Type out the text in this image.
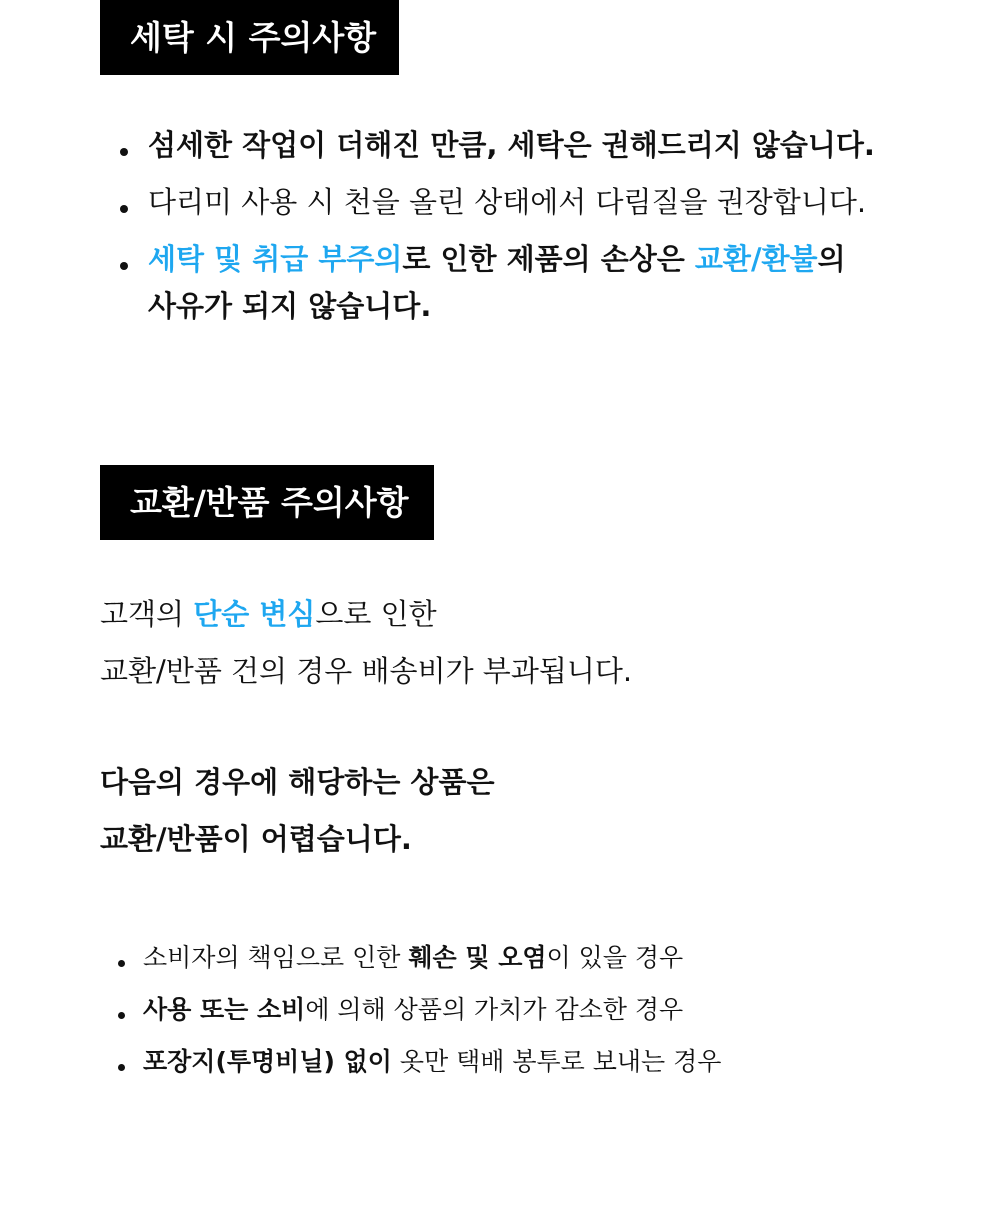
세탁 시 주의사항
섬세한 작업이 더해진 만큼, 세탁은 권해드리지 않습니다.
다리미 사용 시 천을 올린 상태에서 다림질을 권장합니다.
세탁 및 취급 부주의로 인한 제품의 손상은 교환/환불의
사유가 되지 않습니다.
교환/반품 주의사항

고객의 단순 변심으로 인한
교환/반품 건의 경우 배송비가 부과됩니다.

다음의 경우에 해당하는 상품은
교환/반품이 어렵습니다.

소비자의 책임으로 인한 훼손 및 오염이 있을 경우
사용 또는 소비에 의해 상품의 가치가 감소한 경우
포장지(투명비닐) 없이 옷만 택배 봉투로 보내는 경우
